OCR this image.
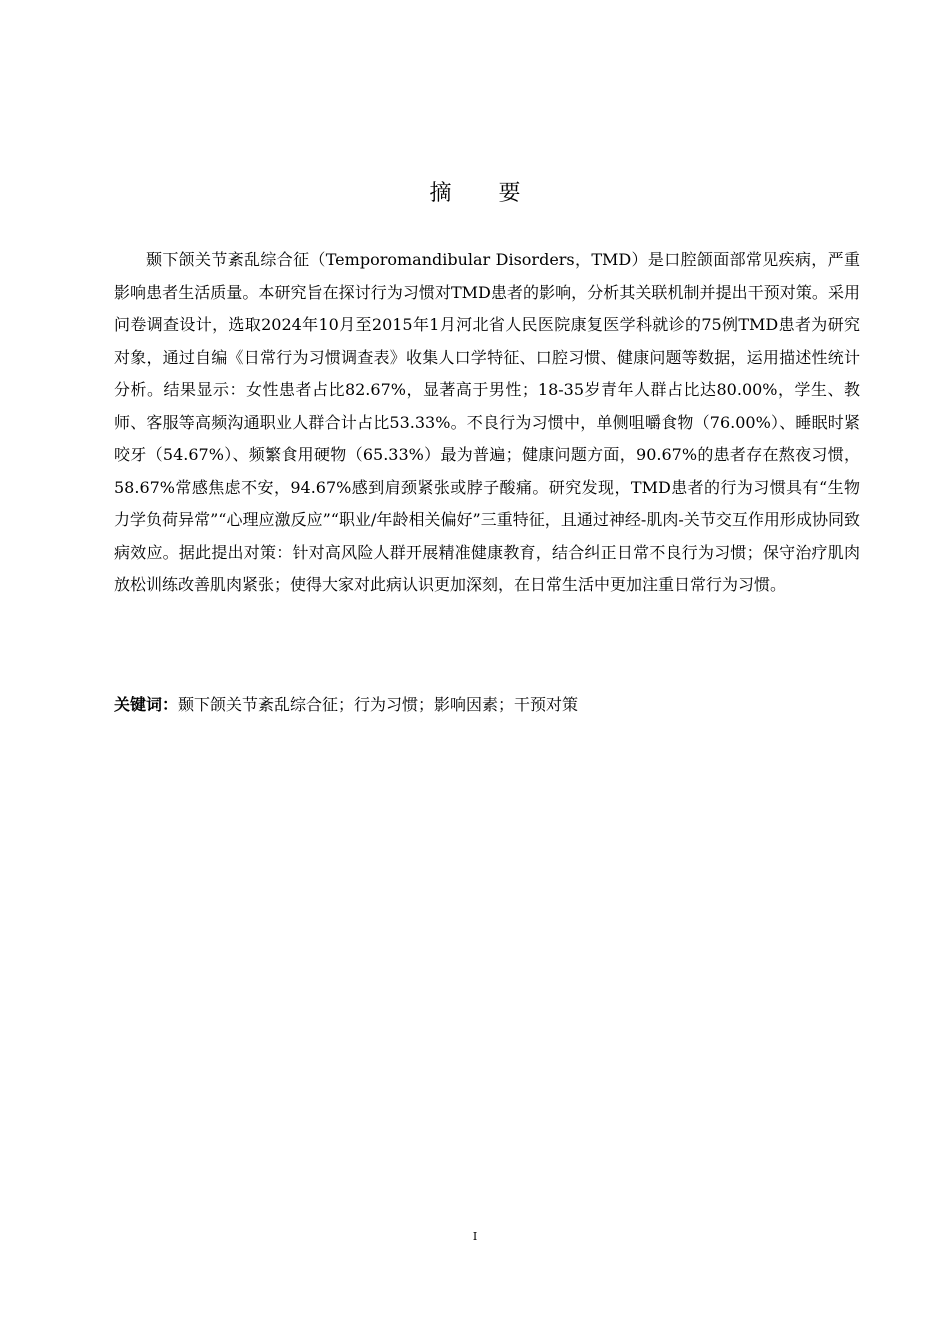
摘 要

颞下颌关节紊乱综合征（Temporomandibular Disorders，TMD）是口腔颌面部常见疾病，严重影响患者生活质量。本研究旨在探讨行为习惯对TMD患者的影响，分析其关联机制并提出干预对策。采用问卷调查设计，选取2024年10月至2015年1月河北省人民医院康复医学科就诊的75例TMD患者为研究对象，通过自编《日常行为习惯调查表》收集人口学特征、口腔习惯、健康问题等数据，运用描述性统计分析。结果显示：女性患者占比82.67%，显著高于男性；18-35岁青年人群占比达80.00%，学生、教师、客服等高频沟通职业人群合计占比53.33%。不良行为习惯中，单侧咀嚼食物（76.00%）、睡眠时紧咬牙（54.67%）、频繁食用硬物（65.33%）最为普遍；健康问题方面，90.67%的患者存在熬夜习惯，58.67%常感焦虑不安，94.67%感到肩颈紧张或脖子酸痛。研究发现，TMD患者的行为习惯具有“生物力学负荷异常”“心理应激反应”“职业/年龄相关偏好”三重特征，且通过神经-肌肉-关节交互作用形成协同致病效应。据此提出对策：针对高风险人群开展精准健康教育，结合纠正日常不良行为习惯；保守治疗肌肉放松训练改善肌肉紧张；使得大家对此病认识更加深刻，在日常生活中更加注重日常行为习惯。

关键词：颞下颌关节紊乱综合征；行为习惯；影响因素；干预对策
I
